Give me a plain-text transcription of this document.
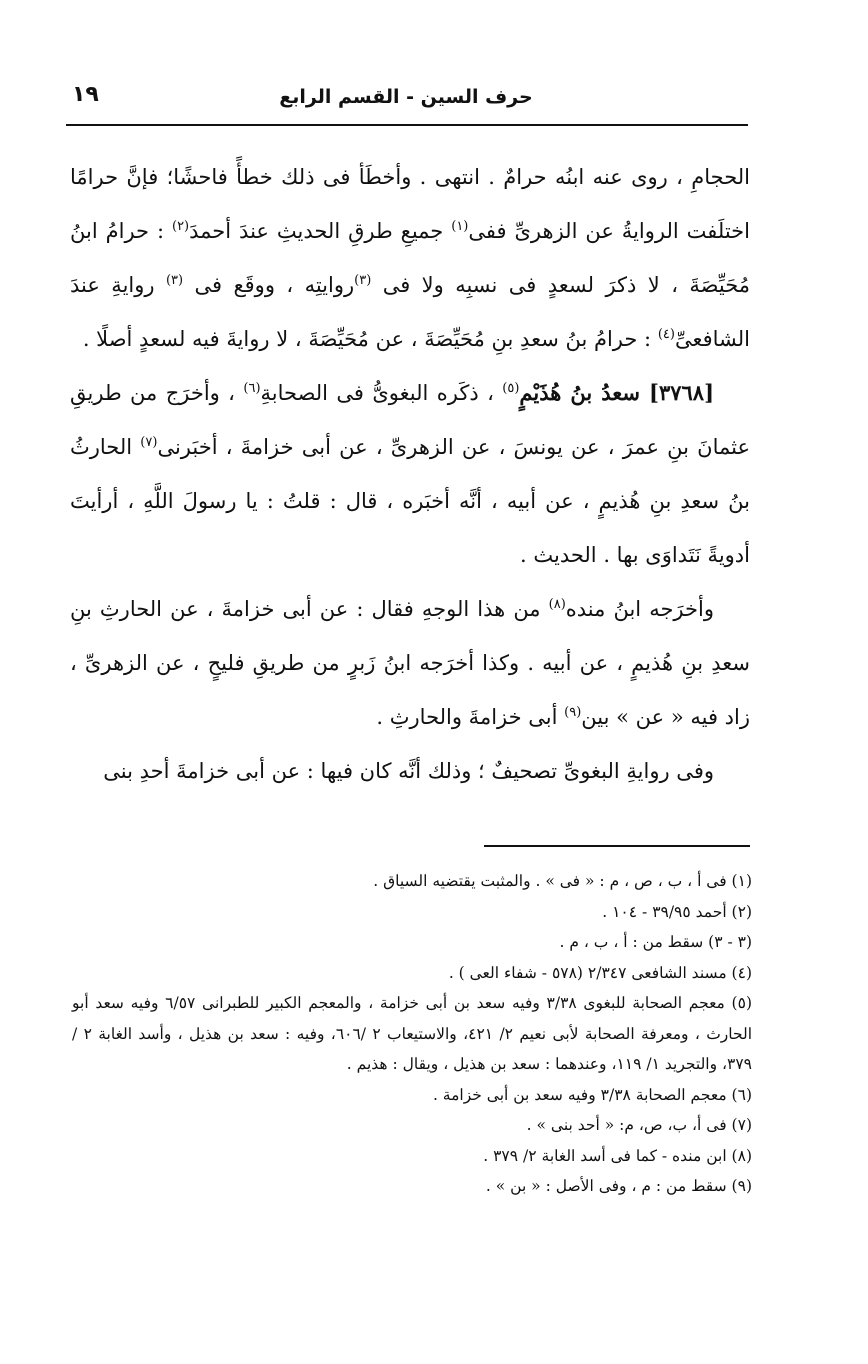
حرف السين - القسم الرابع
١٩

الحجامِ ، روى عنه ابنُه حرامٌ . انتهى . وأخطَأ فى ذلك خطأً فاحشًا؛ فإنَّ حرامًا اختلَفت الروايةُ عن الزهرىِّ ففى$^{(١)}$ جميعِ طرقِ الحديثِ عندَ أحمدَ$^{(٢)}$ : حرامُ ابنُ مُحَيِّصَةَ ، لا ذكرَ لسعدٍ فى نسبِه ولا فى $^{(٣)}$روايتِه ، ووقَع فى $^{(٣)}$ روايةِ عندَ الشافعىِّ$^{(٤)}$ : حرامُ بنُ سعدِ بنِ مُحَيِّصَةَ ، عن مُحَيِّصَةَ ، لا روايةَ فيه لسعدٍ أصلًا .

[٣٧٦٨] سعدُ بنُ هُذَيْمٍ$^{(٥)}$ ، ذكَره البغوىُّ فى الصحابةِ$^{(٦)}$ ، وأخرَج من طريقِ عثمانَ بنِ عمرَ ، عن يونسَ ، عن الزهرىِّ ، عن أبى خزامةَ ، أخبَرنى$^{(٧)}$ الحارثُ بنُ سعدِ بنِ هُذيمٍ ، عن أبيه ، أنَّه أخبَره ، قال : قلتُ : يا رسولَ اللَّهِ ، أرأيتَ أدويةً نَتَداوَى بها . الحديث .

وأخرَجه ابنُ منده$^{(٨)}$ من هذا الوجهِ فقال : عن أبى خزامةَ ، عن الحارثِ بنِ سعدِ بنِ هُذيمٍ ، عن أبيه . وكذا أخرَجه ابنُ زَبرٍ من طريقِ فليحٍ ، عن الزهرىِّ ، زاد فيه « عن » بين$^{(٩)}$ أبى خزامةَ والحارثِ .

وفى روايةِ البغوىِّ تصحيفٌ ؛ وذلك أنَّه كان فيها : عن أبى خزامةَ أحدِ بنى

(١) فى أ ، ب ، ص ، م : « فى » . والمثبت يقتضيه السياق .

(٢) أحمد ٣٩/٩٥ - ١٠٤ .

(٣ - ٣) سقط من : أ ، ب ، م .

(٤) مسند الشافعى ٢/٣٤٧ (٥٧٨ - شفاء العى ) .

(٥) معجم الصحابة للبغوى ٣/٣٨ وفيه سعد بن أبى خزامة ، والمعجم الكبير للطبرانى ٦/٥٧ وفيه سعد أبو الحارث ، ومعرفة الصحابة لأبى نعيم ٢/ ٤٢١، والاستيعاب ٢ /٦٠٦، وفيه : سعد بن هذيل ، وأسد الغابة ٢ / ٣٧٩، والتجريد ١/ ١١٩، وعندهما : سعد بن هذيل ، ويقال : هذيم .

(٦) معجم الصحابة ٣/٣٨ وفيه سعد بن أبى خزامة .

(٧) فى أ، ب، ص، م: « أحد بنى » .

(٨) ابن منده - كما فى أسد الغابة ٢/ ٣٧٩ .

(٩) سقط من : م ، وفى الأصل : « بن » .
